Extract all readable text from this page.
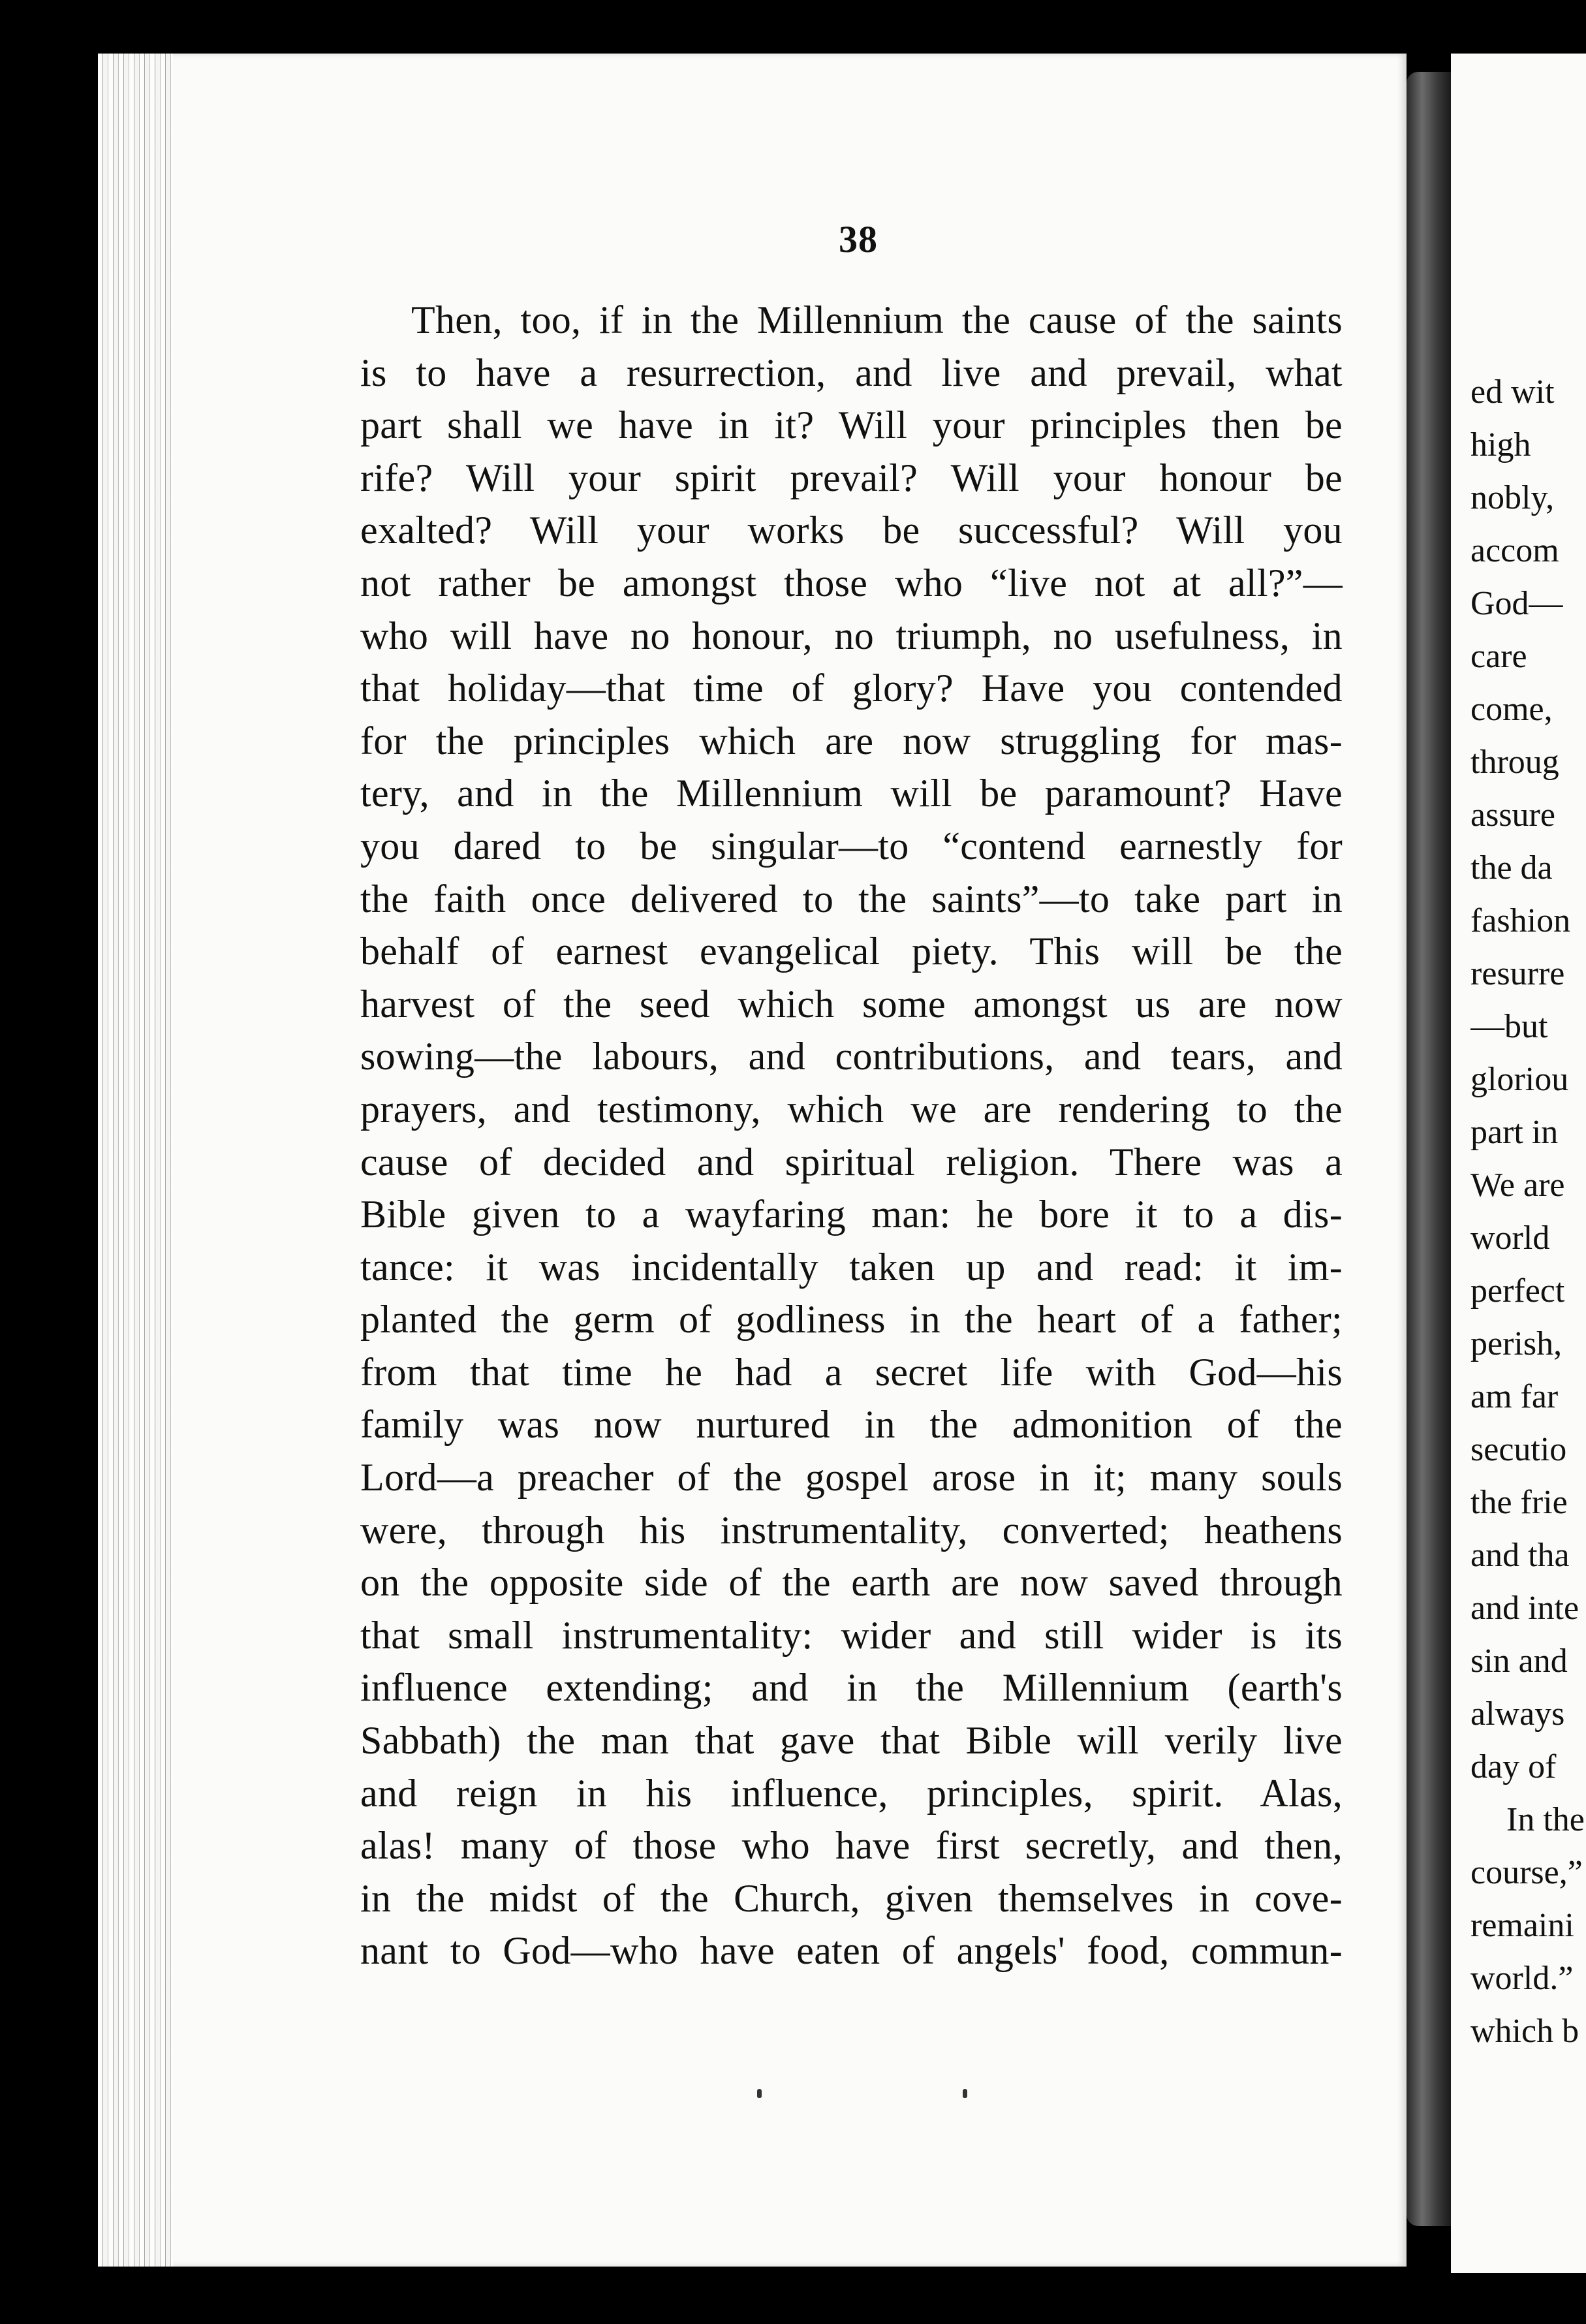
38
Then, too, if in the Millennium the cause of the saints
is to have a resurrection, and live and prevail, what
part shall we have in it? Will your principles then be
rife? Will your spirit prevail? Will your honour be
exalted? Will your works be successful? Will you
not rather be amongst those who “live not at all?”—
who will have no honour, no triumph, no usefulness, in
that holiday—that time of glory? Have you contended
for the principles which are now struggling for mas-
tery, and in the Millennium will be paramount? Have
you dared to be singular—to “contend earnestly for
the faith once delivered to the saints”—to take part in
behalf of earnest evangelical piety. This will be the
harvest of the seed which some amongst us are now
sowing—the labours, and contributions, and tears, and
prayers, and testimony, which we are rendering to the
cause of decided and spiritual religion. There was a
Bible given to a wayfaring man: he bore it to a dis-
tance: it was incidentally taken up and read: it im-
planted the germ of godliness in the heart of a father;
from that time he had a secret life with God—his
family was now nurtured in the admonition of the
Lord—a preacher of the gospel arose in it; many souls
were, through his instrumentality, converted; heathens
on the opposite side of the earth are now saved through
that small instrumentality: wider and still wider is its
influence extending; and in the Millennium (earth's
Sabbath) the man that gave that Bible will verily live
and reign in his influence, principles, spirit. Alas,
alas! many of those who have first secretly, and then,
in the midst of the Church, given themselves in cove-
nant to God—who have eaten of angels' food, commun-
ed wit
high
nobly,
accom
God—
care
come,
throug
assure
the da
fashion
resurre
—but
gloriou
part in
We are
world
perfect
perish,
am far
secutio
the frie
and tha
and inte
sin and
always
day of
In the
course,”
remaini
world.”
which b
